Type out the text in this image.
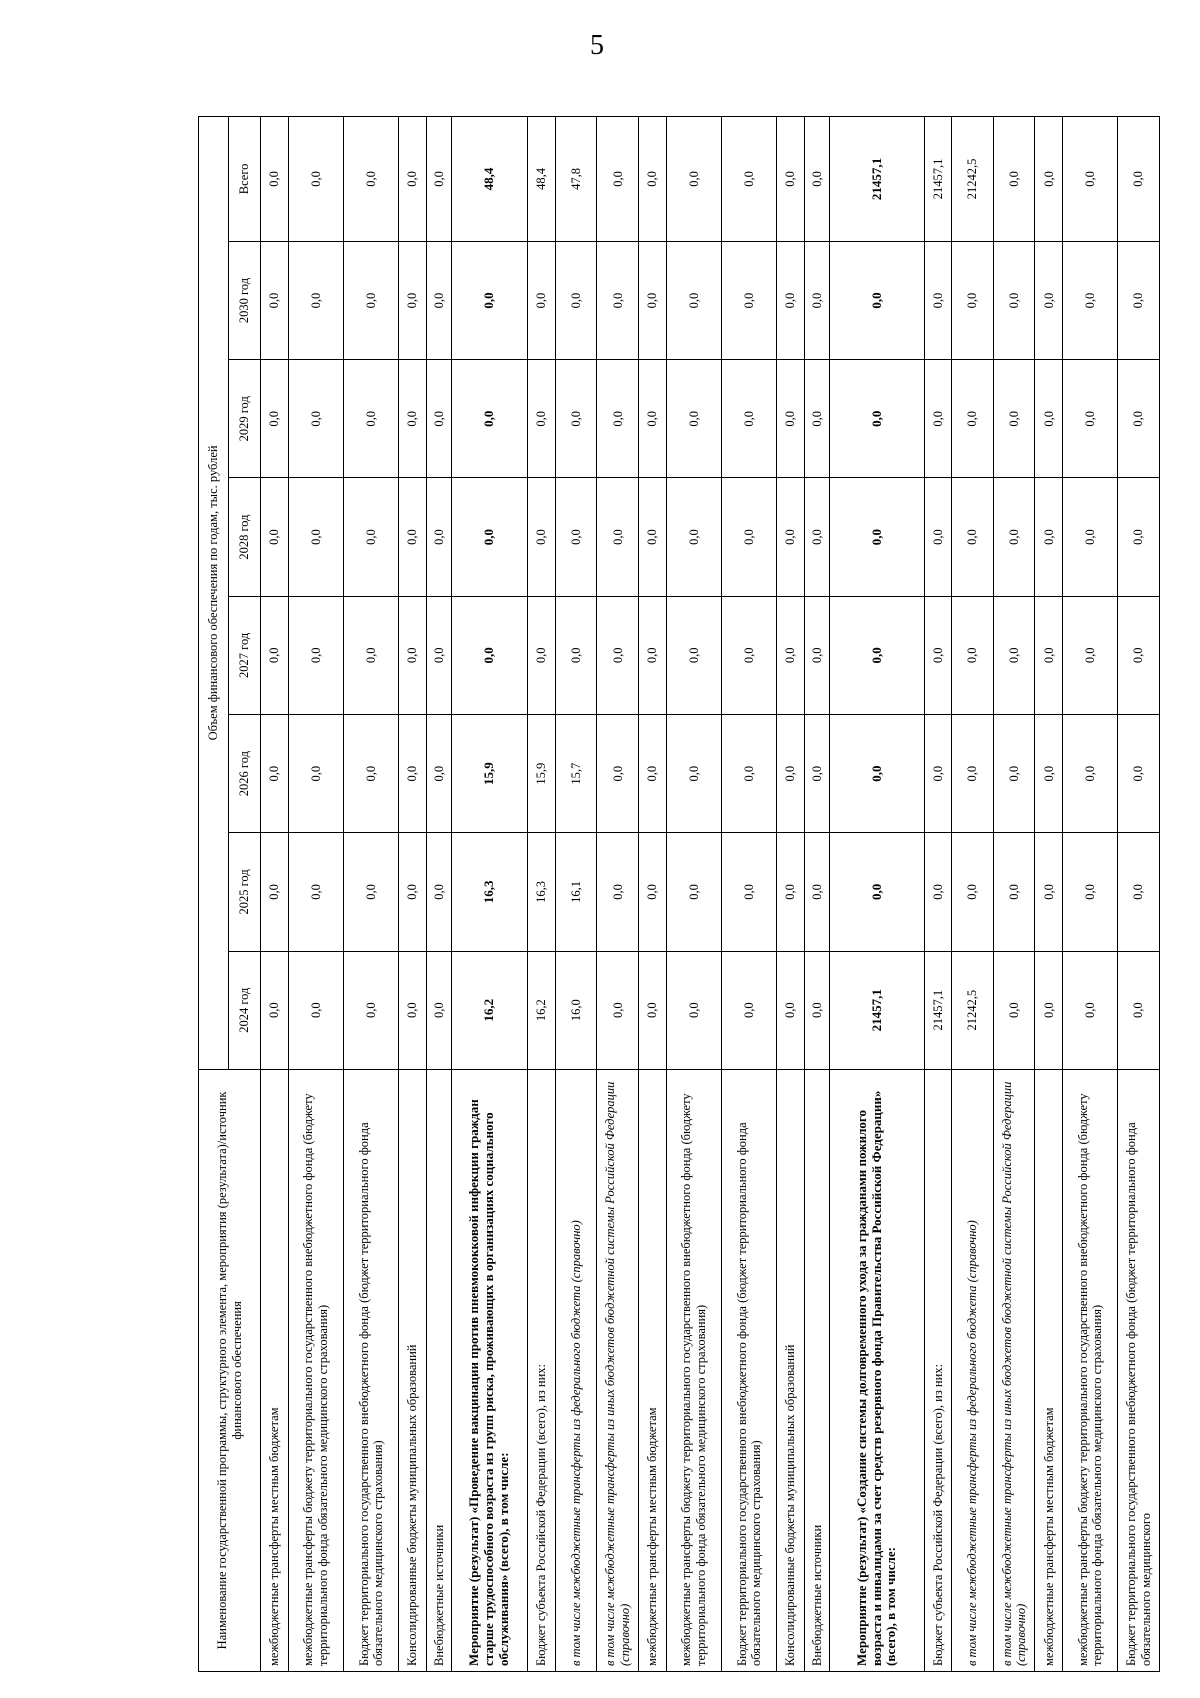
5
Наименование государственной программы, структурного элемента, мероприятия (результата)/источник финансового обеспечения	Объем финансового обеспечения по годам, тыс. рублей							
	2024 год	2025 год	2026 год	2027 год	2028 год	2029 год	2030 год	Всего
межбюджетные трансферты местным бюджетам	0,0	0,0	0,0	0,0	0,0	0,0	0,0	0,0
межбюджетные трансферты бюджету территориального государственного внебюджетного фонда (бюджету территориального фонда обязательного медицинского страхования)	0,0	0,0	0,0	0,0	0,0	0,0	0,0	0,0
Бюджет территориального государственного внебюджетного фонда (бюджет территориального фонда обязательного медицинского страхования)	0,0	0,0	0,0	0,0	0,0	0,0	0,0	0,0
Консолидированные бюджеты муниципальных образований	0,0	0,0	0,0	0,0	0,0	0,0	0,0	0,0
Внебюджетные источники	0,0	0,0	0,0	0,0	0,0	0,0	0,0	0,0
Мероприятие (результат) «Проведение вакцинации против пневмококковой инфекции граждан старше трудоспособного возраста из групп риска, проживающих в организациях социального обслуживания» (всего), в том числе:	16,2	16,3	15,9	0,0	0,0	0,0	0,0	48,4
Бюджет субъекта Российской Федерации (всего), из них:	16,2	16,3	15,9	0,0	0,0	0,0	0,0	48,4
в том числе межбюджетные трансферты из федерального бюджета (справочно)	16,0	16,1	15,7	0,0	0,0	0,0	0,0	47,8
в том числе межбюджетные трансферты из иных бюджетов бюджетной системы Российской Федерации (справочно)	0,0	0,0	0,0	0,0	0,0	0,0	0,0	0,0
межбюджетные трансферты местным бюджетам	0,0	0,0	0,0	0,0	0,0	0,0	0,0	0,0
межбюджетные трансферты бюджету территориального государственного внебюджетного фонда (бюджету территориального фонда обязательного медицинского страхования)	0,0	0,0	0,0	0,0	0,0	0,0	0,0	0,0
Бюджет территориального государственного внебюджетного фонда (бюджет территориального фонда обязательного медицинского страхования)	0,0	0,0	0,0	0,0	0,0	0,0	0,0	0,0
Консолидированные бюджеты муниципальных образований	0,0	0,0	0,0	0,0	0,0	0,0	0,0	0,0
Внебюджетные источники	0,0	0,0	0,0	0,0	0,0	0,0	0,0	0,0
Мероприятие (результат) «Создание системы долговременного ухода за гражданами пожилого возраста и инвалидами за счет средств резервного фонда Правительства Российской Федерации» (всего), в том числе:	21457,1	0,0	0,0	0,0	0,0	0,0	0,0	21457,1
Бюджет субъекта Российской Федерации (всего), из них:	21457,1	0,0	0,0	0,0	0,0	0,0	0,0	21457,1
в том числе межбюджетные трансферты из федерального бюджета (справочно)	21242,5	0,0	0,0	0,0	0,0	0,0	0,0	21242,5
в том числе межбюджетные трансферты из иных бюджетов бюджетной системы Российской Федерации (справочно)	0,0	0,0	0,0	0,0	0,0	0,0	0,0	0,0
межбюджетные трансферты местным бюджетам	0,0	0,0	0,0	0,0	0,0	0,0	0,0	0,0
межбюджетные трансферты бюджету территориального государственного внебюджетного фонда (бюджету территориального фонда обязательного медицинского страхования)	0,0	0,0	0,0	0,0	0,0	0,0	0,0	0,0
Бюджет территориального государственного внебюджетного фонда (бюджет территориального фонда обязательного медицинского	0,0	0,0	0,0	0,0	0,0	0,0	0,0	0,0
